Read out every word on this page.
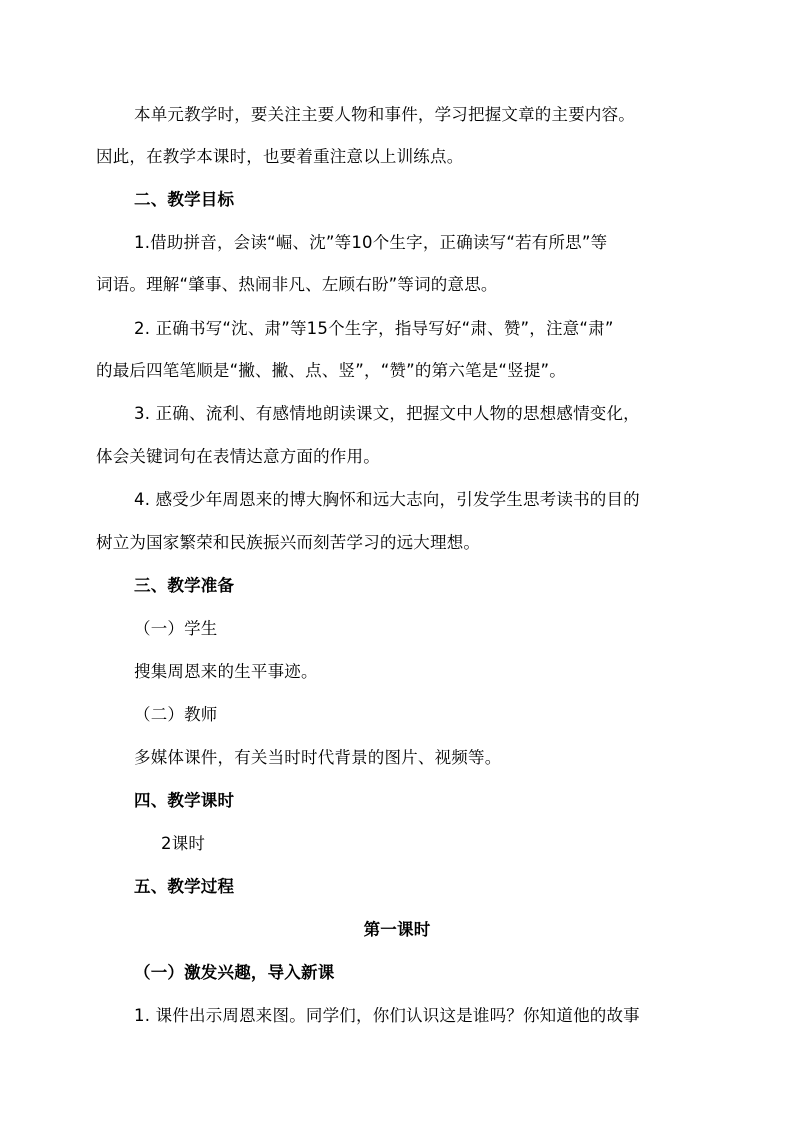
本单元教学时，要关注主要人物和事件，学习把握文章的主要内容。
因此，在教学本课时，也要着重注意以上训练点。
二、教学目标
1.借助拼音，会读“崛、沈”等10个生字，正确读写“若有所思”等
词语。理解“肇事、热闹非凡、左顾右盼”等词的意思。
2. 正确书写“沈、肃”等15个生字，指导写好“肃、赞”，注意“肃”
的最后四笔笔顺是“撇、撇、点、竖”，“赞”的第六笔是“竖提”。
3. 正确、流利、有感情地朗读课文，把握文中人物的思想感情变化，
体会关键词句在表情达意方面的作用。
4. 感受少年周恩来的博大胸怀和远大志向，引发学生思考读书的目的
树立为国家繁荣和民族振兴而刻苦学习的远大理想。
三、教学准备
（一）学生
搜集周恩来的生平事迹。
（二）教师
多媒体课件，有关当时时代背景的图片、视频等。
四、教学课时
2课时
五、教学过程
第一课时
（一）激发兴趣，导入新课
1. 课件出示周恩来图。同学们，你们认识这是谁吗？你知道他的故事
